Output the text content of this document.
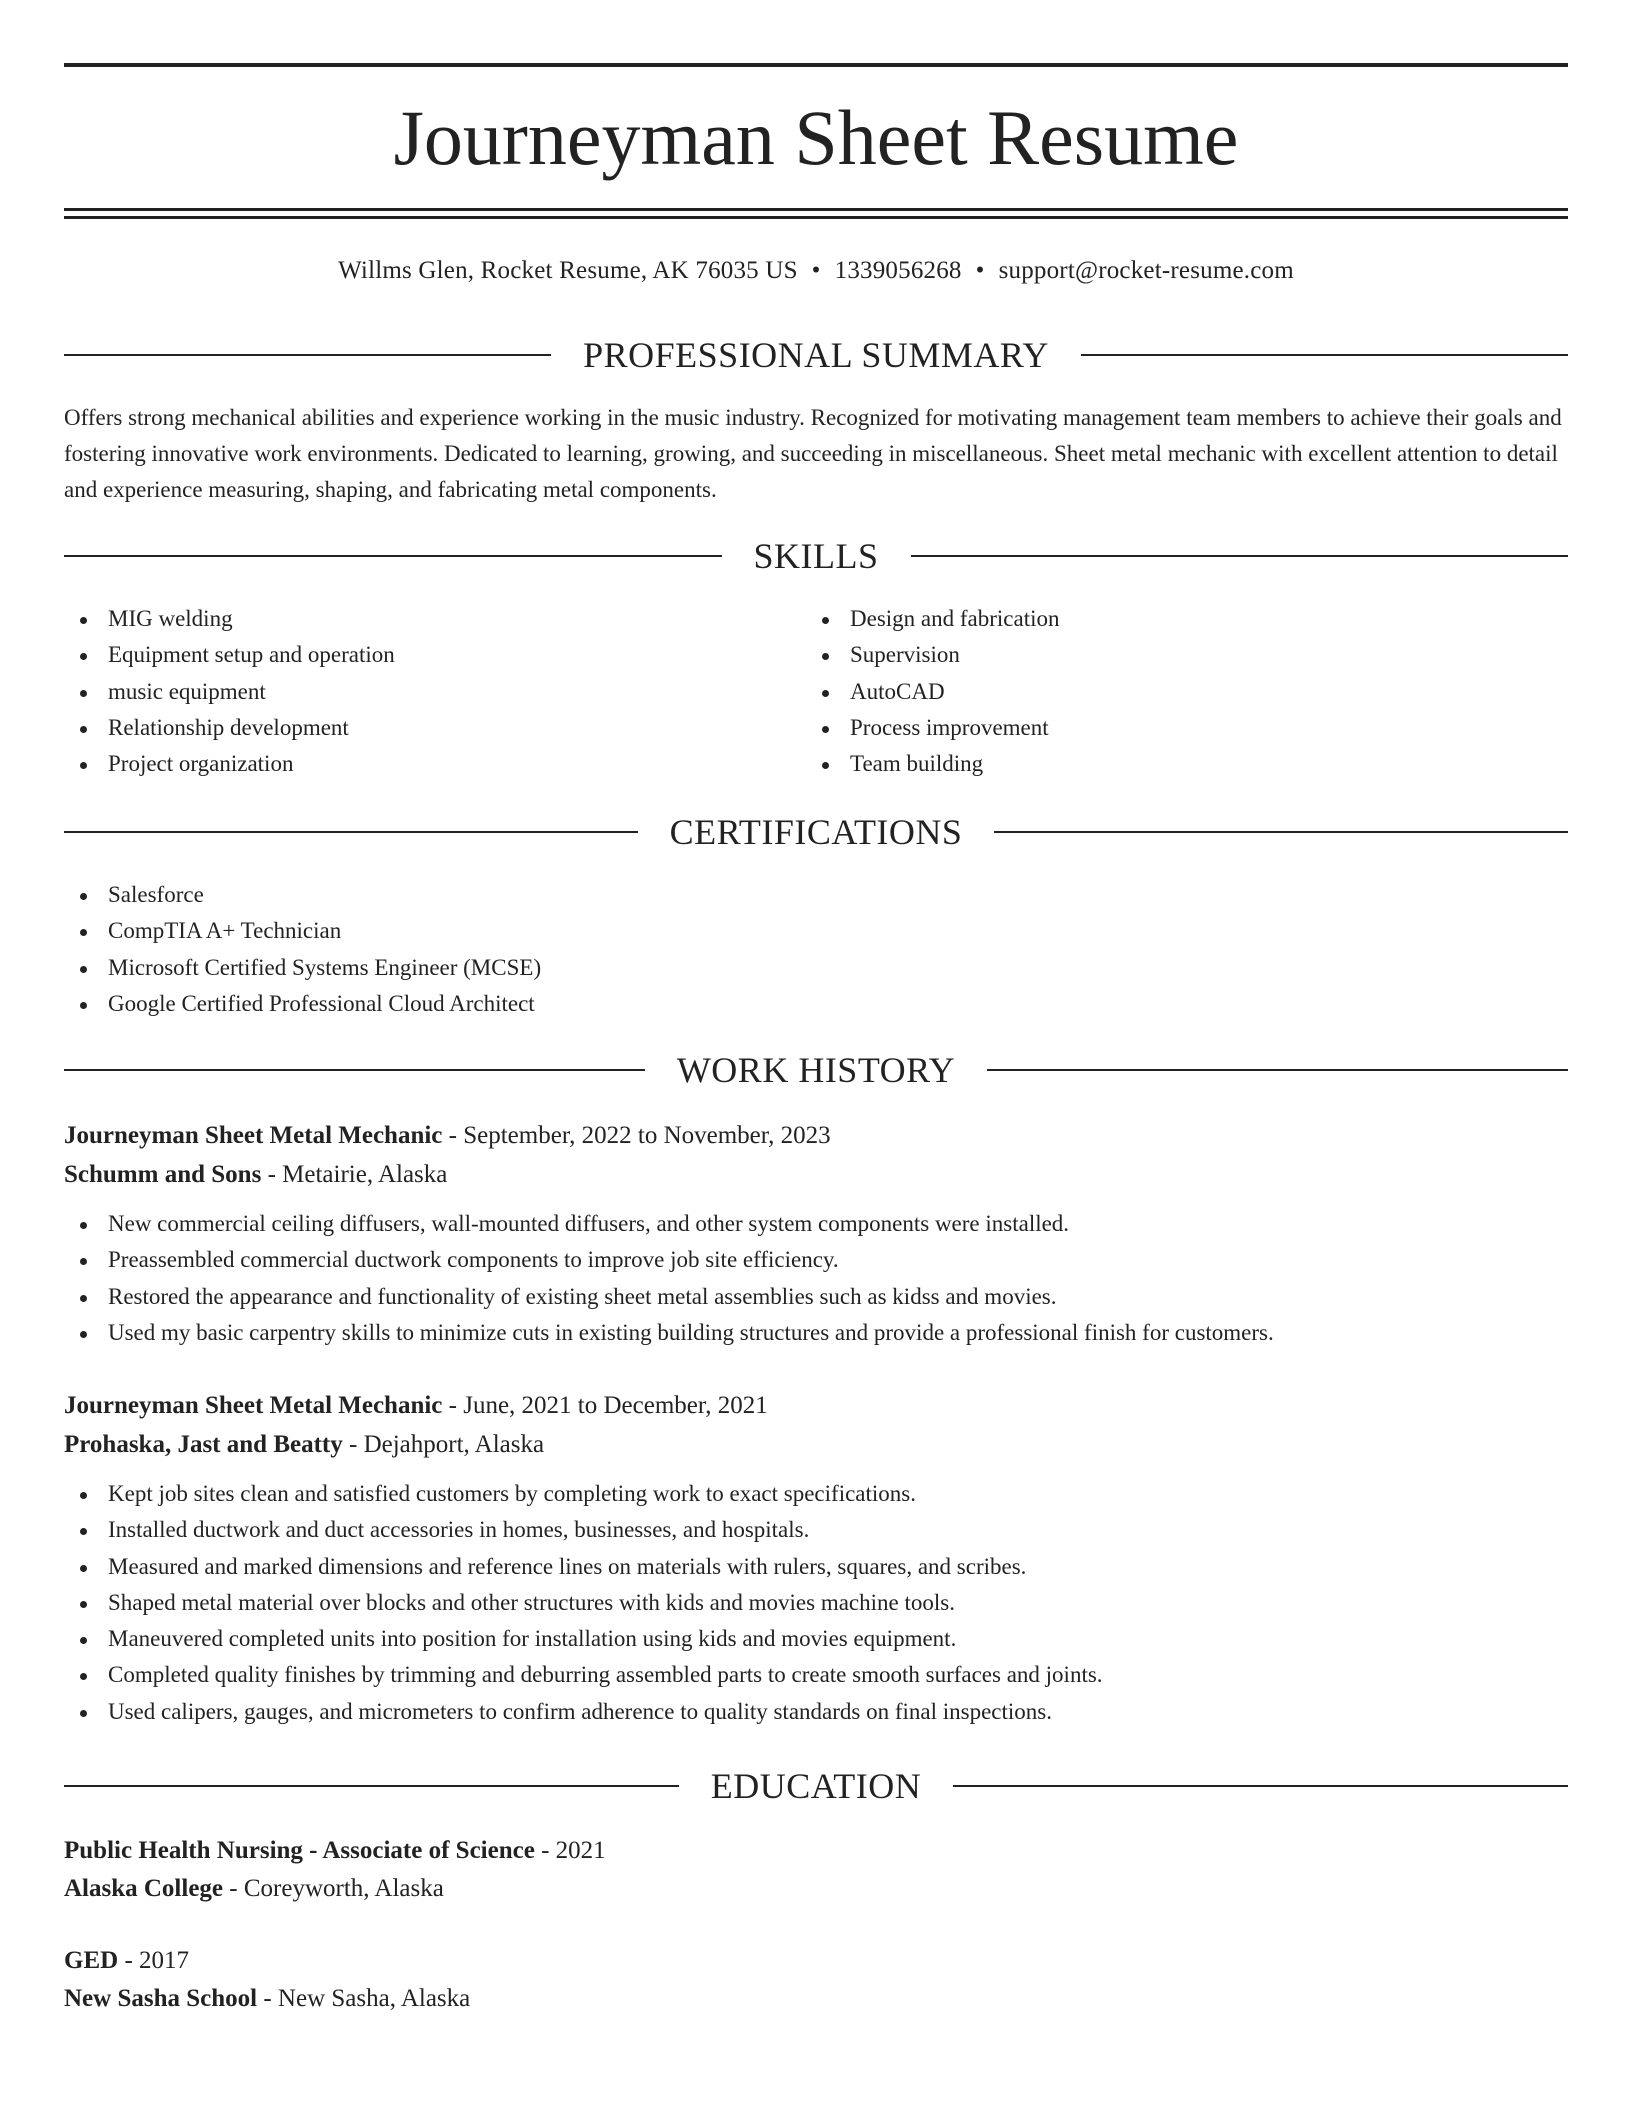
Journeyman Sheet Resume
Willms Glen, Rocket Resume, AK 76035 US • 1339056268 • support@rocket-resume.com
PROFESSIONAL SUMMARY

Offers strong mechanical abilities and experience working in the music industry. Recognized for motivating management team members to achieve their goals and fostering innovative work environments. Dedicated to learning, growing, and succeeding in miscellaneous. Sheet metal mechanic with excellent attention to detail and experience measuring, shaping, and fabricating metal components.

SKILLS
MIG welding
Equipment setup and operation
music equipment
Relationship development
Project organization
Design and fabrication
Supervision
AutoCAD
Process improvement
Team building
CERTIFICATIONS
Salesforce
CompTIA A+ Technician
Microsoft Certified Systems Engineer (MCSE)
Google Certified Professional Cloud Architect
WORK HISTORY
Journeyman Sheet Metal Mechanic - September, 2022 to November, 2023
Schumm and Sons - Metairie, Alaska
New commercial ceiling diffusers, wall-mounted diffusers, and other system components were installed.
Preassembled commercial ductwork components to improve job site efficiency.
Restored the appearance and functionality of existing sheet metal assemblies such as kidss and movies.
Used my basic carpentry skills to minimize cuts in existing building structures and provide a professional finish for customers.
Journeyman Sheet Metal Mechanic - June, 2021 to December, 2021
Prohaska, Jast and Beatty - Dejahport, Alaska
Kept job sites clean and satisfied customers by completing work to exact specifications.
Installed ductwork and duct accessories in homes, businesses, and hospitals.
Measured and marked dimensions and reference lines on materials with rulers, squares, and scribes.
Shaped metal material over blocks and other structures with kids and movies machine tools.
Maneuvered completed units into position for installation using kids and movies equipment.
Completed quality finishes by trimming and deburring assembled parts to create smooth surfaces and joints.
Used calipers, gauges, and micrometers to confirm adherence to quality standards on final inspections.
EDUCATION
Public Health Nursing - Associate of Science - 2021
Alaska College - Coreyworth, Alaska
GED - 2017
New Sasha School - New Sasha, Alaska
